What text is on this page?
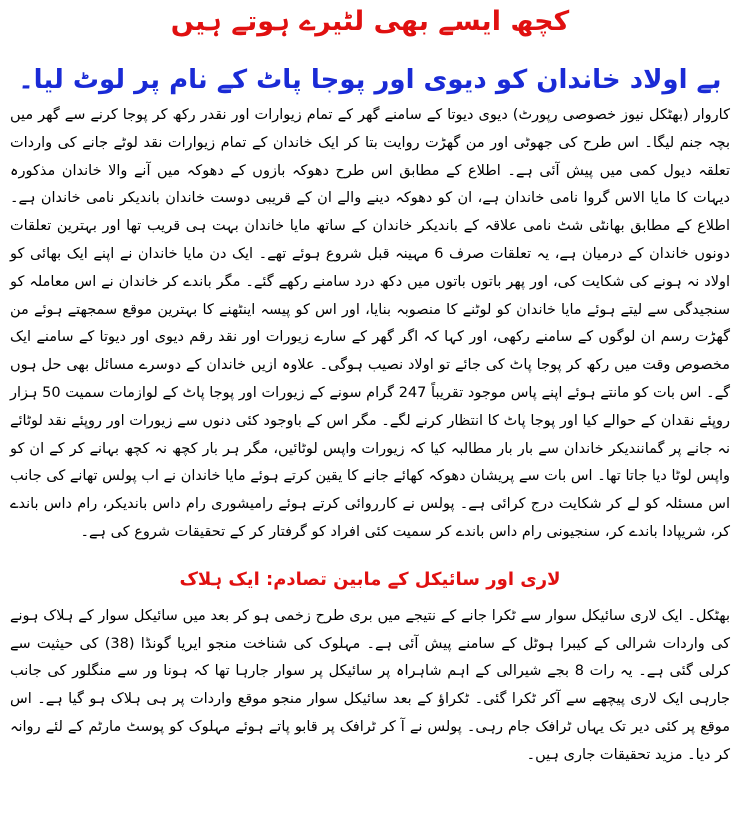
کچھ ایسے بھی لٹیرے ہوتے ہیں
بے اولاد خاندان کو دیوی اور پوجا پاٹ کے نام پر لوٹ لیا۔

کاروار (بھٹکل نیوز خصوصی رپورٹ) دیوی دیوتا کے سامنے گھر کے تمام زیوارات اور نقدر رکھ کر پوجا کرنے سے گھر میں بچہ جنم لیگا۔ اس طرح کی جھوٹی اور من گھڑت روایت بتا کر ایک خاندان کے تمام زیوارات نقد لوٹے جانے کی واردات تعلقہ دیول کمی میں پیش آئی ہے۔ اطلاع کے مطابق اس طرح دھوکہ بازوں کے دھوکہ میں آنے والا خاندان مذکورہ دیہات کا مایا الاس گروا نامی خاندان ہے، ان کو دھوکہ دینے والے ان کے قریبی دوست خاندان باندیکر نامی خاندان ہے۔ اطلاع کے مطابق بھانٹی شٹ نامی علاقہ کے باندیکر خاندان کے ساتھ مایا خاندان بہت ہی قریب تھا اور بہترین تعلقات دونوں خاندان کے درمیان ہے، یہ تعلقات صرف 6 مہینہ قبل شروع ہوئے تھے۔ ایک دن مایا خاندان نے اپنے ایک بھائی کو اولاد نہ ہونے کی شکایت کی، اور پھر باتوں باتوں میں دکھ درد سامنے رکھے گئے۔ مگر باندے کر خاندان نے اس معاملہ کو سنجیدگی سے لیتے ہوئے مایا خاندان کو لوٹنے کا منصوبہ بنایا، اور اس کو پیسہ اینٹھنے کا بہترین موقع سمجھتے ہوئے من گھڑت رسم ان لوگوں کے سامنے رکھی، اور کہا کہ اگر گھر کے سارے زیورات اور نقد رقم دیوی اور دیوتا کے سامنے ایک مخصوص وقت میں رکھ کر پوجا پاٹ کی جائے تو اولاد نصیب ہوگی۔ علاوہ ازیں خاندان کے دوسرے مسائل بھی حل ہوں گے۔ اس بات کو مانتے ہوئے اپنے پاس موجود تقریباً 247 گرام سونے کے زیورات اور پوجا پاٹ کے لوازمات سمیت 50 ہزار روپئے نقدان کے حوالے کیا اور پوجا پاٹ کا انتظار کرنے لگے۔ مگر اس کے باوجود کئی دنوں سے زیورات اور روپئے نقد لوٹائے نہ جانے پر گمانندیکر خاندان سے بار بار مطالبہ کیا کہ زیورات واپس لوٹائیں، مگر ہر بار کچھ نہ کچھ بہانے کر کے ان کو واپس لوٹا دیا جاتا تھا۔ اس بات سے پریشان دھوکہ کھائے جانے کا یقین کرتے ہوئے مایا خاندان نے اب پولس تھانے کی جانب اس مسئلہ کو لے کر شکایت درج کرائی ہے۔ پولس نے کارروائی کرتے ہوئے رامیشوری رام داس باندیکر، رام داس باندے کر، شریپادا باندے کر، سنجیونی رام داس باندے کر سمیت کئی افراد کو گرفتار کر کے تحقیقات شروع کی ہے۔

لاری اور سائیکل کے مابین تصادم: ایک ہلاک

بھٹکل۔ ایک لاری سائیکل سوار سے ٹکرا جانے کے نتیجے میں بری طرح زخمی ہو کر بعد میں سائیکل سوار کے ہلاک ہونے کی واردات شرالی کے کیبرا ہوٹل کے سامنے پیش آئی ہے۔ مہلوک کی شناخت منجو ایریا گونڈا (38) کی حیثیت سے کرلی گئی ہے۔ یہ رات 8 بجے شیرالی کے اہم شاہراہ پر سائیکل پر سوار جارہا تھا کہ ہونا ور سے منگلور کی جانب جارہی ایک لاری پیچھے سے آکر ٹکرا گئی۔ ٹکراؤ کے بعد سائیکل سوار منجو موقع واردات پر ہی ہلاک ہو گیا ہے۔ اس موقع پر کئی دیر تک یہاں ٹرافک جام رہی۔ پولس نے آ کر ٹرافک پر قابو پاتے ہوئے مہلوک کو پوسٹ مارٹم کے لئے روانہ کر دیا۔ مزید تحقیقات جاری ہیں۔
